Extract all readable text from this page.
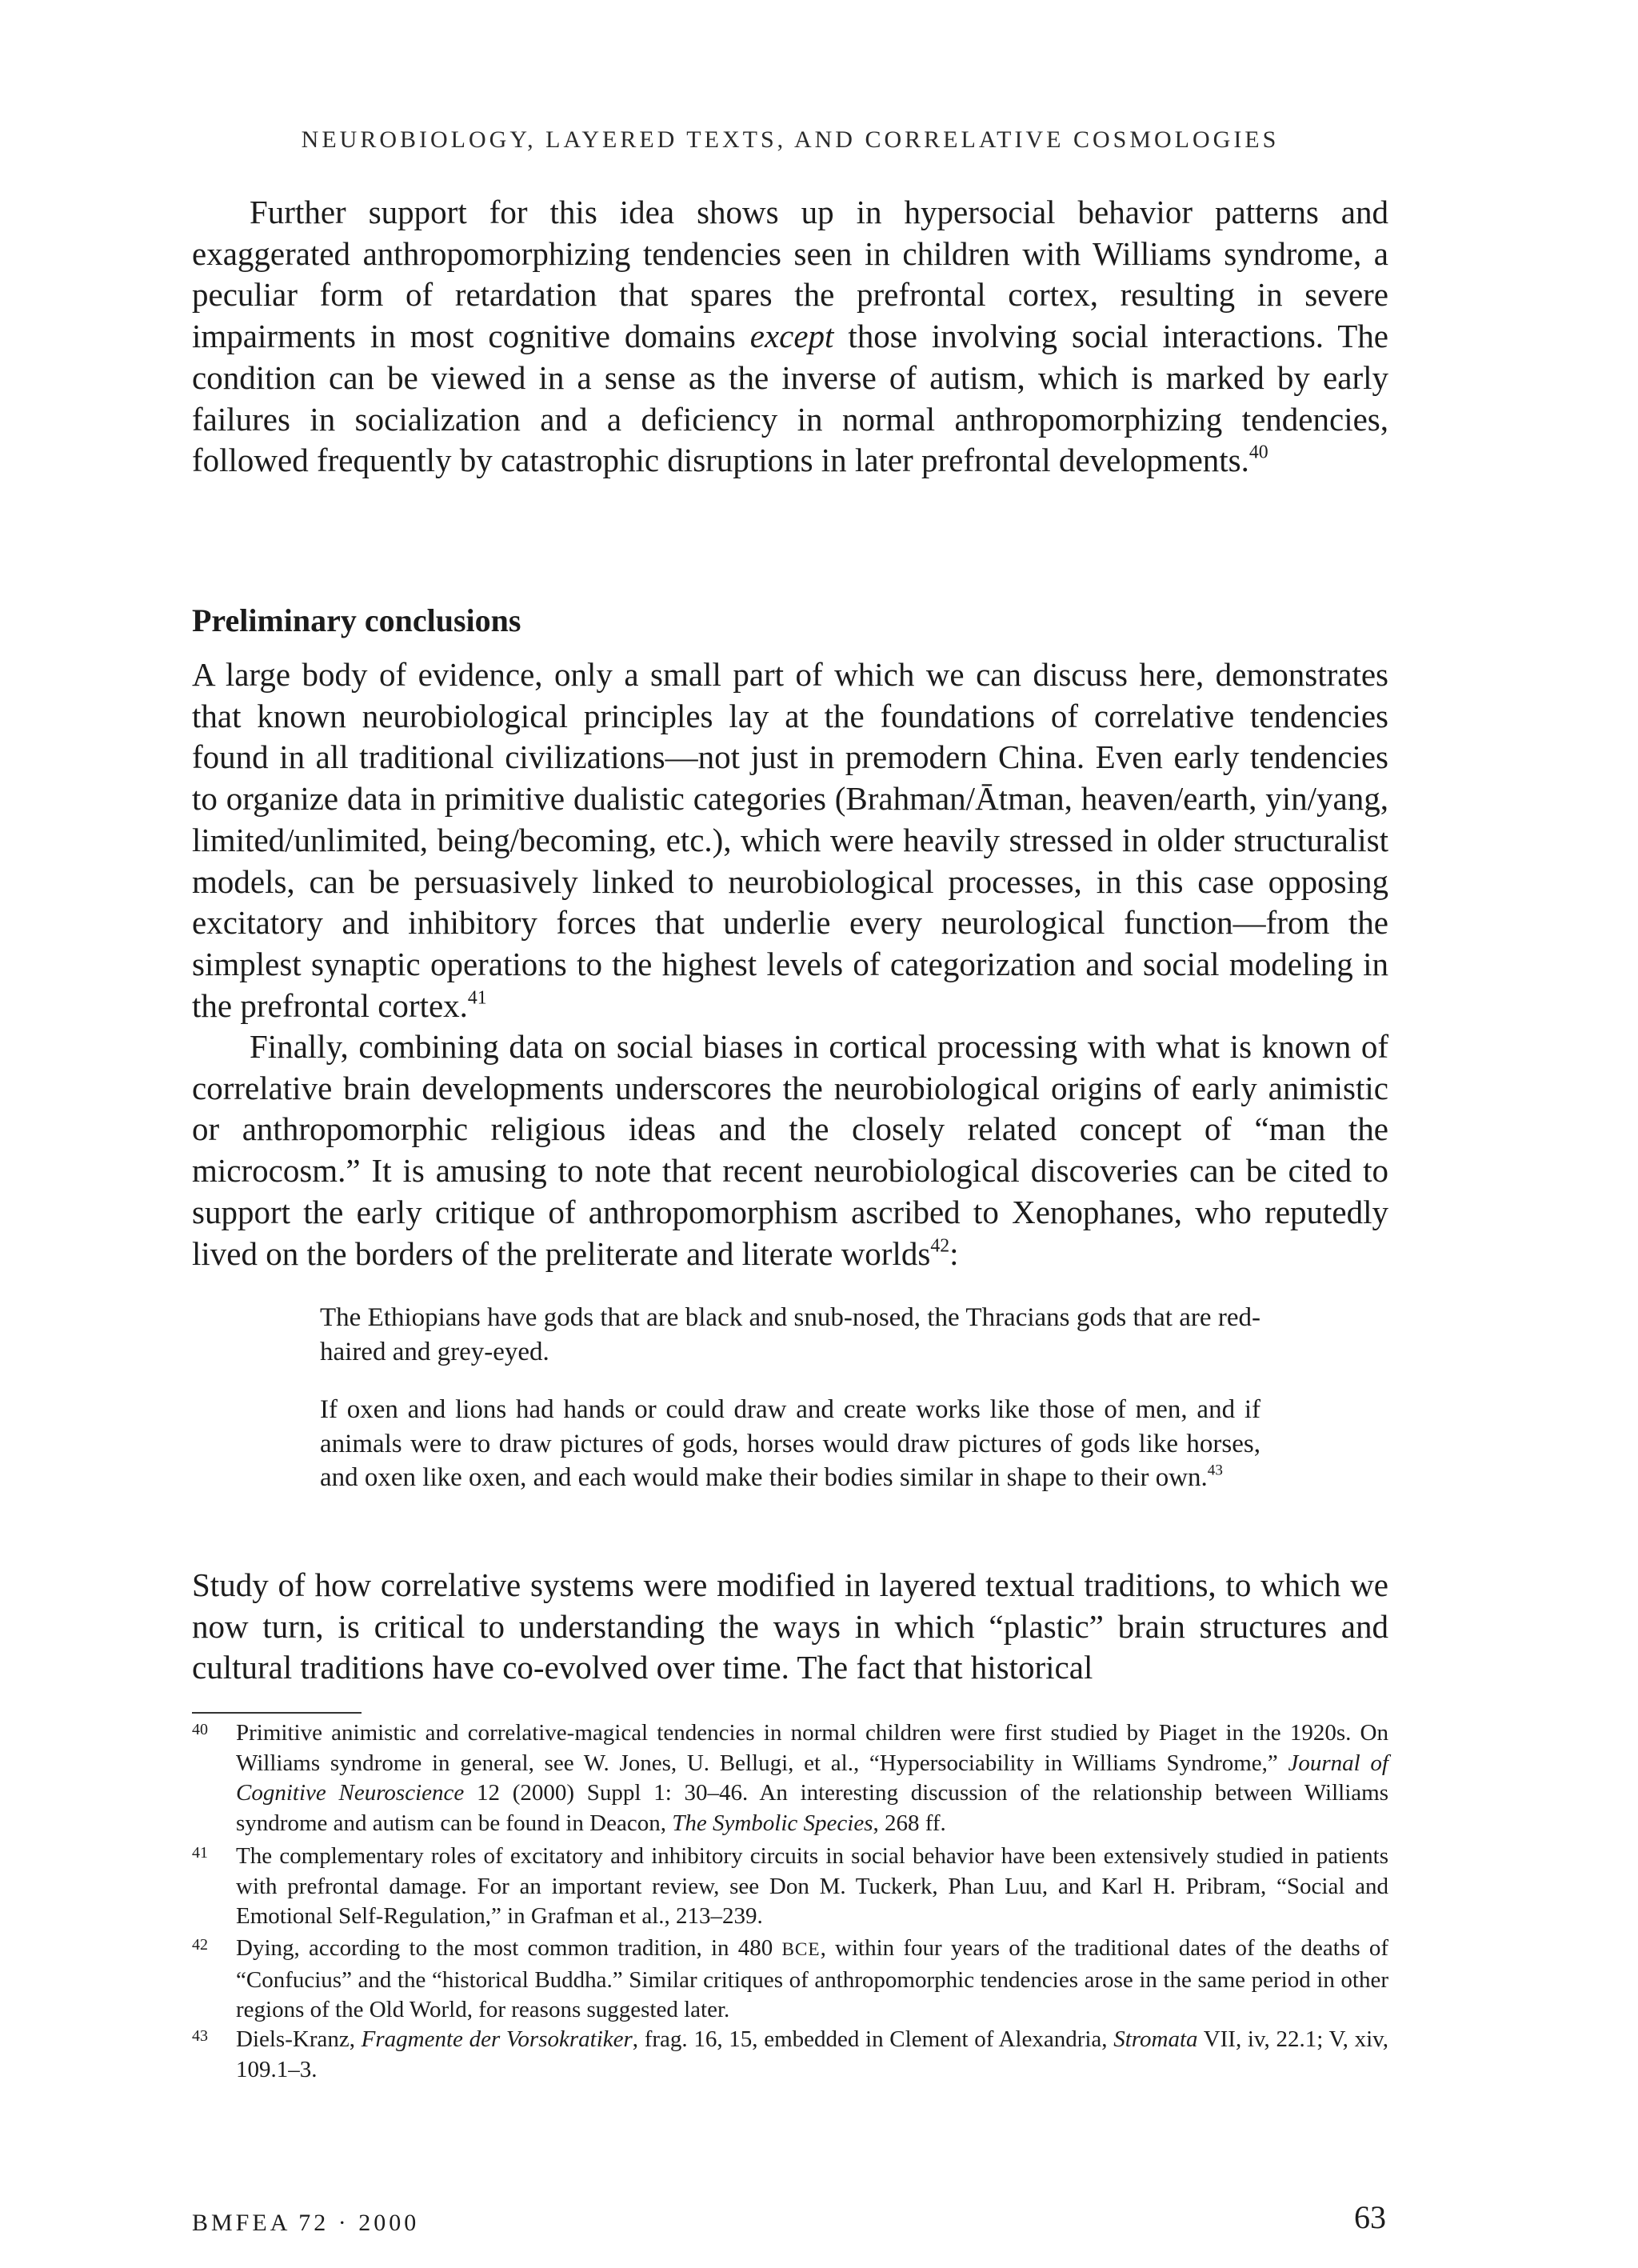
NEUROBIOLOGY, LAYERED TEXTS, AND CORRELATIVE COSMOLOGIES

Further support for this idea shows up in hypersocial behavior patterns and exaggerated anthropomorphizing tendencies seen in children with Williams syndrome, a peculiar form of retardation that spares the prefrontal cortex, resulting in severe impairments in most cognitive domains except those involving social interactions. The condition can be viewed in a sense as the inverse of autism, which is marked by early failures in socialization and a deficiency in normal anthropomorphizing tendencies, followed frequently by catastrophic disruptions in later prefrontal developments.$^{40}$

Preliminary conclusions

A large body of evidence, only a small part of which we can discuss here, demonstrates that known neurobiological principles lay at the foundations of correlative tendencies found in all traditional civilizations—not just in premodern China. Even early tendencies to organize data in primitive dualistic categories (Brahman/Ātman, heaven/earth, yin/yang, limited/unlimited, being/becoming, etc.), which were heavily stressed in older structuralist models, can be persuasively linked to neurobiological processes, in this case opposing excitatory and inhibitory forces that underlie every neurological function—from the simplest synaptic operations to the highest levels of categorization and social modeling in the prefrontal cortex.$^{41}$

Finally, combining data on social biases in cortical processing with what is known of correlative brain developments underscores the neurobiological origins of early animistic or anthropomorphic religious ideas and the closely related concept of “man the microcosm.” It is amusing to note that recent neurobiological discoveries can be cited to support the early critique of anthropomorphism ascribed to Xenophanes, who reputedly lived on the borders of the preliterate and literate worlds$^{42}$:

The Ethiopians have gods that are black and snub-nosed, the Thracians gods that are red-haired and grey-eyed.

If oxen and lions had hands or could draw and create works like those of men, and if animals were to draw pictures of gods, horses would draw pictures of gods like horses, and oxen like oxen, and each would make their bodies similar in shape to their own.$^{43}$

Study of how correlative systems were modified in layered textual traditions, to which we now turn, is critical to understanding the ways in which “plastic” brain structures and cultural traditions have co-evolved over time. The fact that historical

40	Primitive animistic and correlative-magical tendencies in normal children were first studied by Piaget in the 1920s. On Williams syndrome in general, see W. Jones, U. Bellugi, et al., “Hypersociability in Williams Syndrome,” Journal of Cognitive Neuroscience 12 (2000) Suppl 1: 30–46. An interesting discussion of the relationship between Williams syndrome and autism can be found in Deacon, The Symbolic Species, 268 ff.
41	The complementary roles of excitatory and inhibitory circuits in social behavior have been extensively studied in patients with prefrontal damage. For an important review, see Don M. Tuckerk, Phan Luu, and Karl H. Pribram, “Social and Emotional Self-Regulation,” in Grafman et al., 213–239.
42	Dying, according to the most common tradition, in 480 BCE, within four years of the traditional dates of the deaths of “Confucius” and the “historical Buddha.” Similar critiques of anthropomorphic tendencies arose in the same period in other regions of the Old World, for reasons suggested later.
43	Diels-Kranz, Fragmente der Vorsokratiker, frag. 16, 15, embedded in Clement of Alexandria, Stromata VII, iv, 22.1; V, xiv, 109.1–3.
BMFEA 72 · 2000	63
